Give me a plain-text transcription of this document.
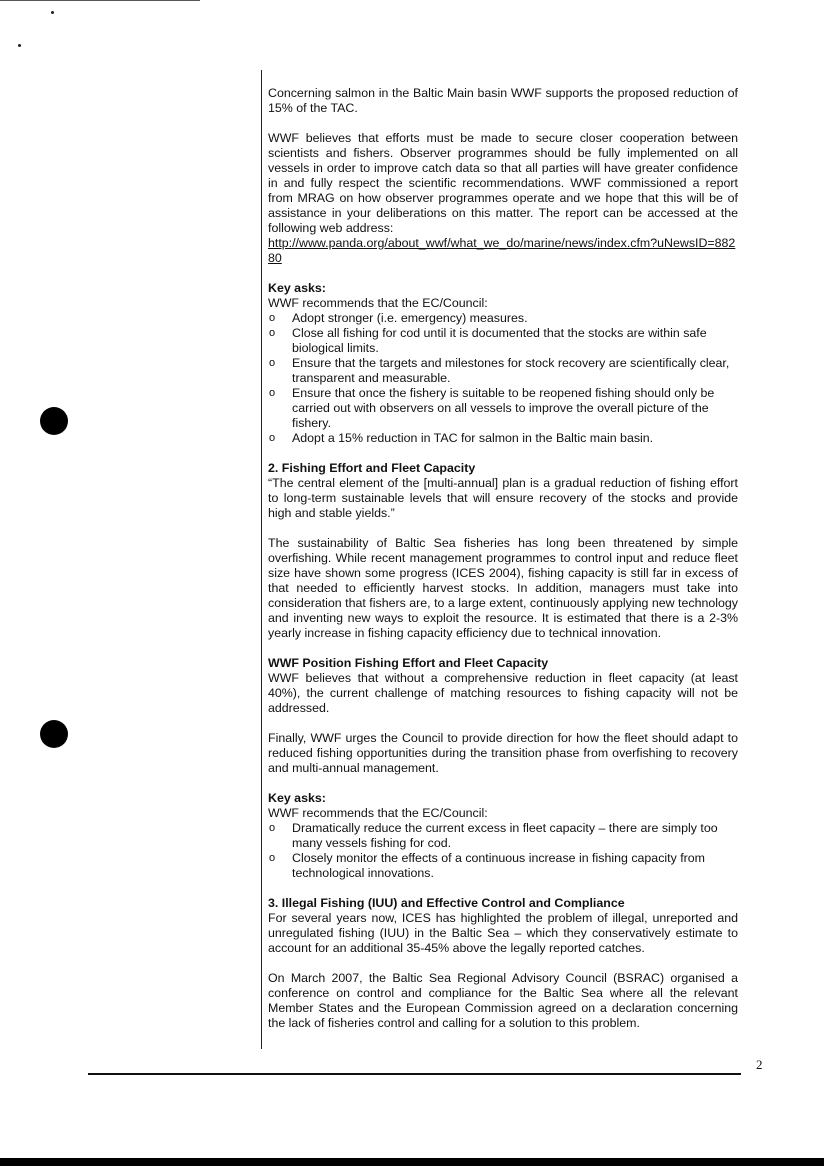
Concerning salmon in the Baltic Main basin WWF supports the proposed reduction of 15% of the TAC.

WWF believes that efforts must be made to secure closer cooperation between scientists and fishers. Observer programmes should be fully implemented on all vessels in order to improve catch data so that all parties will have greater confidence in and fully respect the scientific recommendations. WWF commissioned a report from MRAG on how observer programmes operate and we hope that this will be of assistance in your deliberations on this matter. The report can be accessed at the following web address:

http://www.panda.org/about_wwf/what_we_do/marine/news/index.cfm?uNewsID=88280

Key asks:

WWF recommends that the EC/Council:

o Adopt stronger (i.e. emergency) measures.
o Close all fishing for cod until it is documented that the stocks are within safe biological limits.
o Ensure that the targets and milestones for stock recovery are scientifically clear, transparent and measurable.
o Ensure that once the fishery is suitable to be reopened fishing should only be carried out with observers on all vessels to improve the overall picture of the fishery.
o Adopt a 15% reduction in TAC for salmon in the Baltic main basin.
2. Fishing Effort and Fleet Capacity

“The central element of the [multi-annual] plan is a gradual reduction of fishing effort to long-term sustainable levels that will ensure recovery of the stocks and provide high and stable yields.”

The sustainability of Baltic Sea fisheries has long been threatened by simple overfishing. While recent management programmes to control input and reduce fleet size have shown some progress (ICES 2004), fishing capacity is still far in excess of that needed to efficiently harvest stocks. In addition, managers must take into consideration that fishers are, to a large extent, continuously applying new technology and inventing new ways to exploit the resource. It is estimated that there is a 2-3% yearly increase in fishing capacity efficiency due to technical innovation.

WWF Position Fishing Effort and Fleet Capacity

WWF believes that without a comprehensive reduction in fleet capacity (at least 40%), the current challenge of matching resources to fishing capacity will not be addressed.

Finally, WWF urges the Council to provide direction for how the fleet should adapt to reduced fishing opportunities during the transition phase from overfishing to recovery and multi-annual management.

Key asks:

WWF recommends that the EC/Council:

o Dramatically reduce the current excess in fleet capacity – there are simply too many vessels fishing for cod.
o Closely monitor the effects of a continuous increase in fishing capacity from technological innovations.
3. Illegal Fishing (IUU) and Effective Control and Compliance

For several years now, ICES has highlighted the problem of illegal, unreported and unregulated fishing (IUU) in the Baltic Sea – which they conservatively estimate to account for an additional 35-45% above the legally reported catches.

On March 2007, the Baltic Sea Regional Advisory Council (BSRAC) organised a conference on control and compliance for the Baltic Sea where all the relevant Member States and the European Commission agreed on a declaration concerning the lack of fisheries control and calling for a solution to this problem.

2
